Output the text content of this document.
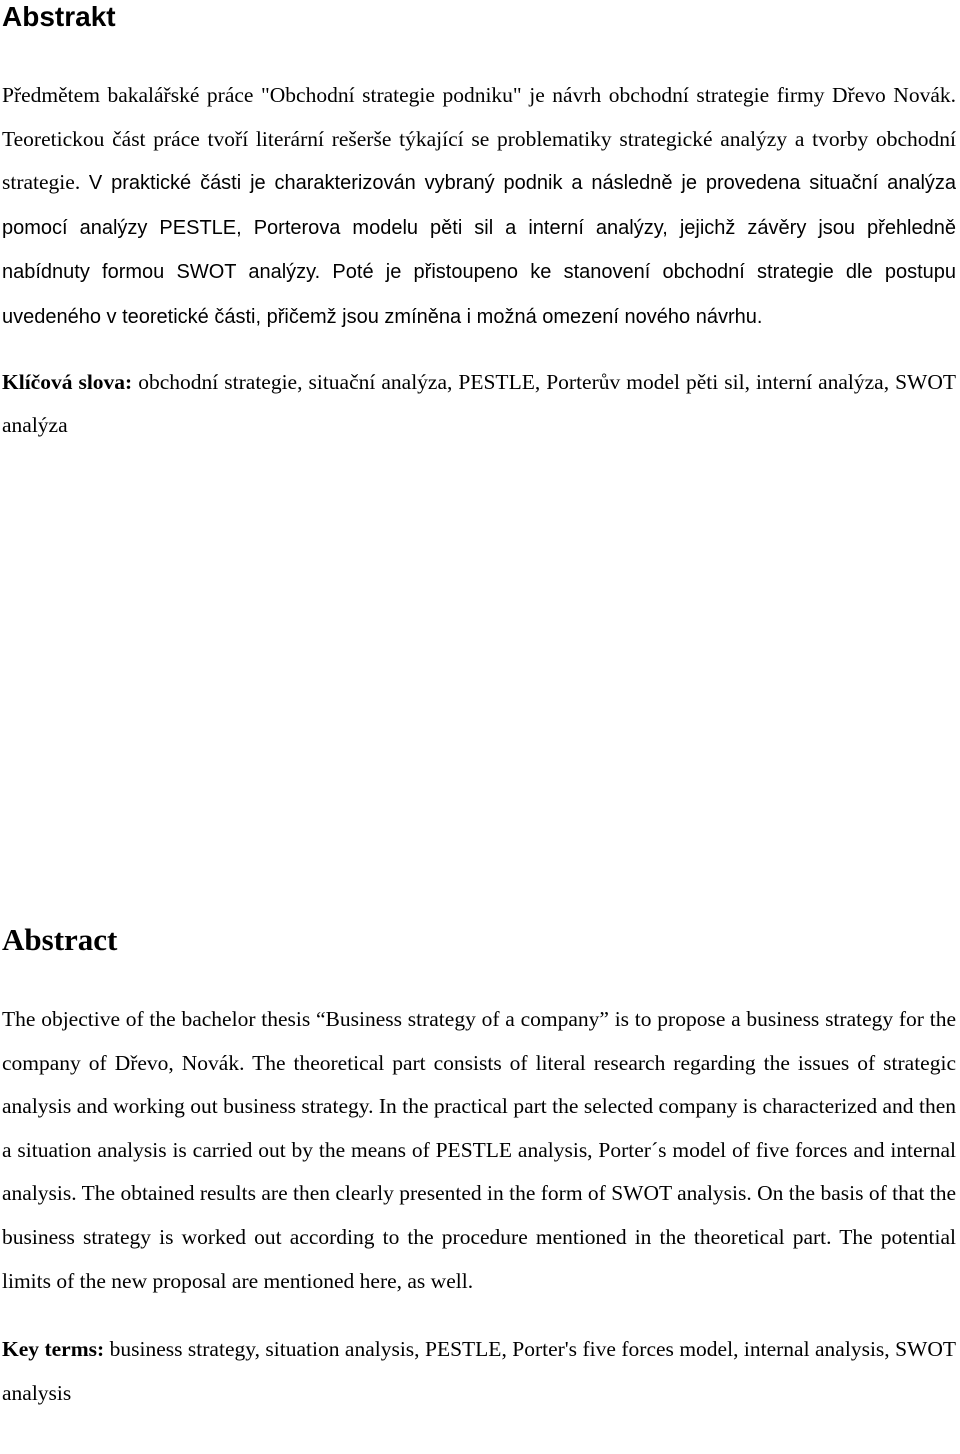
Abstrakt

Předmětem bakalářské práce "Obchodní strategie podniku" je návrh obchodní strategie firmy Dřevo Novák. Teoretickou část práce tvoří literární rešerše týkající se problematiky strategické analýzy a tvorby obchodní strategie. V praktické části je charakterizován vybraný podnik a následně je provedena situační analýza pomocí analýzy PESTLE, Porterova modelu pěti sil a interní analýzy, jejichž závěry jsou přehledně nabídnuty formou SWOT analýzy. Poté je přistoupeno ke stanovení obchodní strategie dle postupu uvedeného v teoretické části, přičemž jsou zmíněna i možná omezení nového návrhu.

Klíčová slova: obchodní strategie, situační analýza, PESTLE, Porterův model pěti sil, interní analýza, SWOT analýza

Abstract

The objective of the bachelor thesis “Business strategy of a company” is to propose a business strategy for the company of Dřevo, Novák. The theoretical part consists of literal research regarding the issues of strategic analysis and working out business strategy. In the practical part the selected company is characterized and then a situation analysis is carried out by the means of PESTLE analysis, Porter´s model of five forces and internal analysis. The obtained results are then clearly presented in the form of SWOT analysis. On the basis of that the business strategy is worked out according to the procedure mentioned in the theoretical part. The potential limits of the new proposal are mentioned here, as well.

Key terms: business strategy, situation analysis, PESTLE, Porter's five forces model, internal analysis, SWOT analysis
